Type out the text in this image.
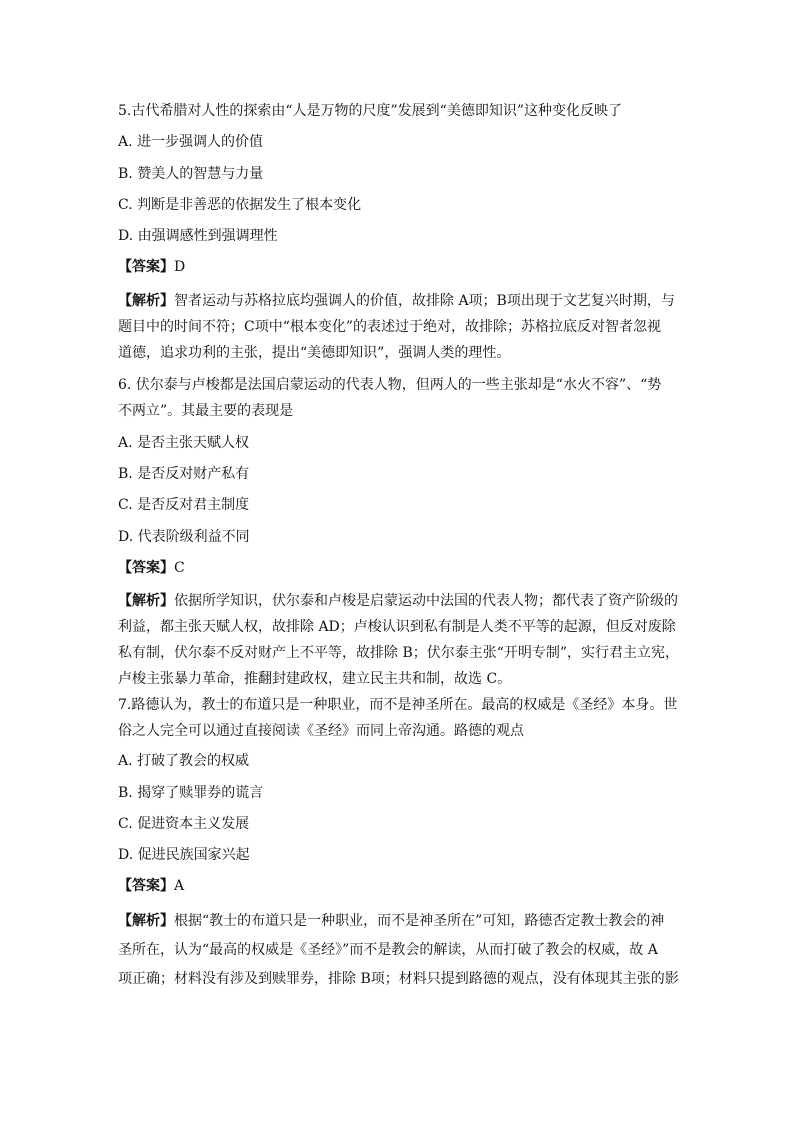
5.古代希腊对人性的探索由“人是万物的尺度”发展到“美德即知识”这种变化反映了
A. 进一步强调人的价值
B. 赞美人的智慧与力量
C. 判断是非善恶的依据发生了根本变化
D. 由强调感性到强调理性
【答案】D
【解析】智者运动与苏格拉底均强调人的价值，故排除 A项；B项出现于文艺复兴时期，与
题目中的时间不符；C项中“根本变化”的表述过于绝对，故排除；苏格拉底反对智者忽视
道德，追求功利的主张，提出“美德即知识”，强调人类的理性。
6. 伏尔泰与卢梭都是法国启蒙运动的代表人物，但两人的一些主张却是“水火不容”、“势
不两立”。其最主要的表现是
A. 是否主张天赋人权
B. 是否反对财产私有
C. 是否反对君主制度
D. 代表阶级利益不同
【答案】C
【解析】依据所学知识，伏尔泰和卢梭是启蒙运动中法国的代表人物；都代表了资产阶级的
利益，都主张天赋人权，故排除 AD；卢梭认识到私有制是人类不平等的起源，但反对废除
私有制，伏尔泰不反对财产上不平等，故排除 B；伏尔泰主张“开明专制”，实行君主立宪，
卢梭主张暴力革命，推翻封建政权，建立民主共和制，故选 C。
7.路德认为，教士的布道只是一种职业，而不是神圣所在。最高的权威是《圣经》本身。世
俗之人完全可以通过直接阅读《圣经》而同上帝沟通。路德的观点
A. 打破了教会的权威
B. 揭穿了赎罪券的谎言
C. 促进资本主义发展
D. 促进民族国家兴起
【答案】A
【解析】根据“教士的布道只是一种职业，而不是神圣所在”可知，路德否定教士教会的神
圣所在，认为“最高的权威是《圣经》”而不是教会的解读，从而打破了教会的权威，故 A
项正确；材料没有涉及到赎罪券，排除 B项；材料只提到路德的观点，没有体现其主张的影
